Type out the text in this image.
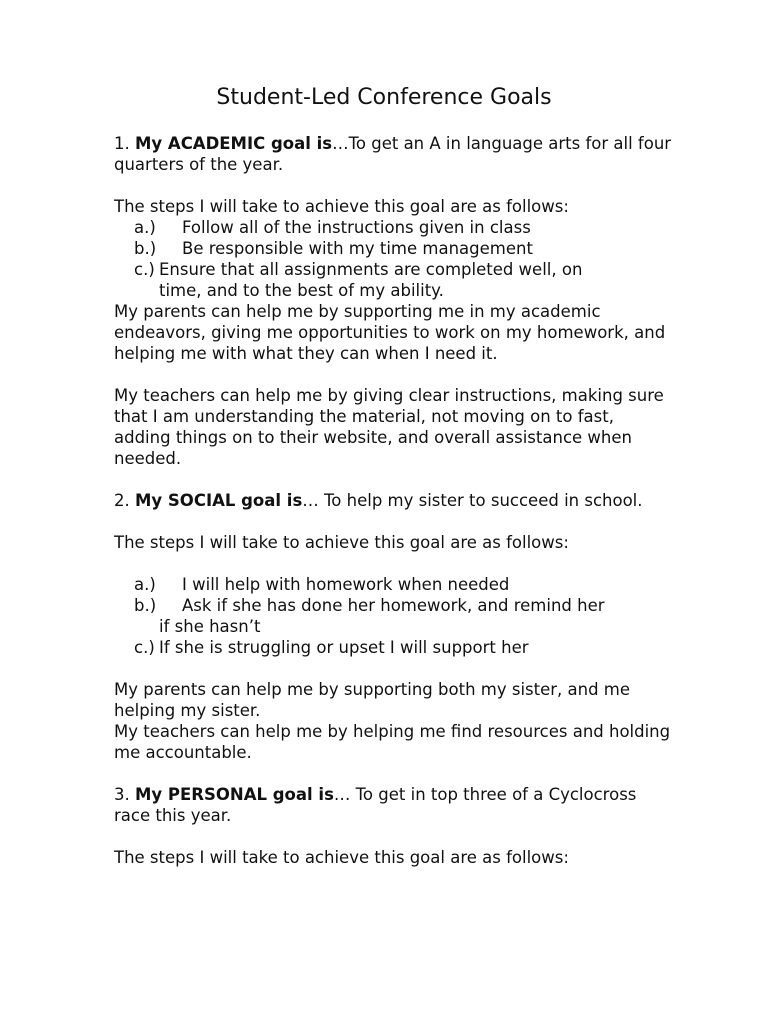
Student-Led Conference Goals

1. My ACADEMIC goal is…To get an A in language arts for all four quarters of the year.

The steps I will take to achieve this goal are as follows:

a.) Follow all of the instructions given in class
b.) Be responsible with my time management
c.) Ensure that all assignments are completed well, on
time, and to the best of my ability.

My parents can help me by supporting me in my academic endeavors, giving me opportunities to work on my homework, and helping me with what they can when I need it.

My teachers can help me by giving clear instructions, making sure that I am understanding the material, not moving on to fast, adding things on to their website, and overall assistance when needed.

2. My SOCIAL goal is… To help my sister to succeed in school.

The steps I will take to achieve this goal are as follows:

a.) I will help with homework when needed
b.) Ask if she has done her homework, and remind her
if she hasn’t
c.) If she is struggling or upset I will support her

My parents can help me by supporting both my sister, and me helping my sister.

My teachers can help me by helping me find resources and holding me accountable.

3. My PERSONAL goal is… To get in top three of a Cyclocross race this year.

The steps I will take to achieve this goal are as follows:
